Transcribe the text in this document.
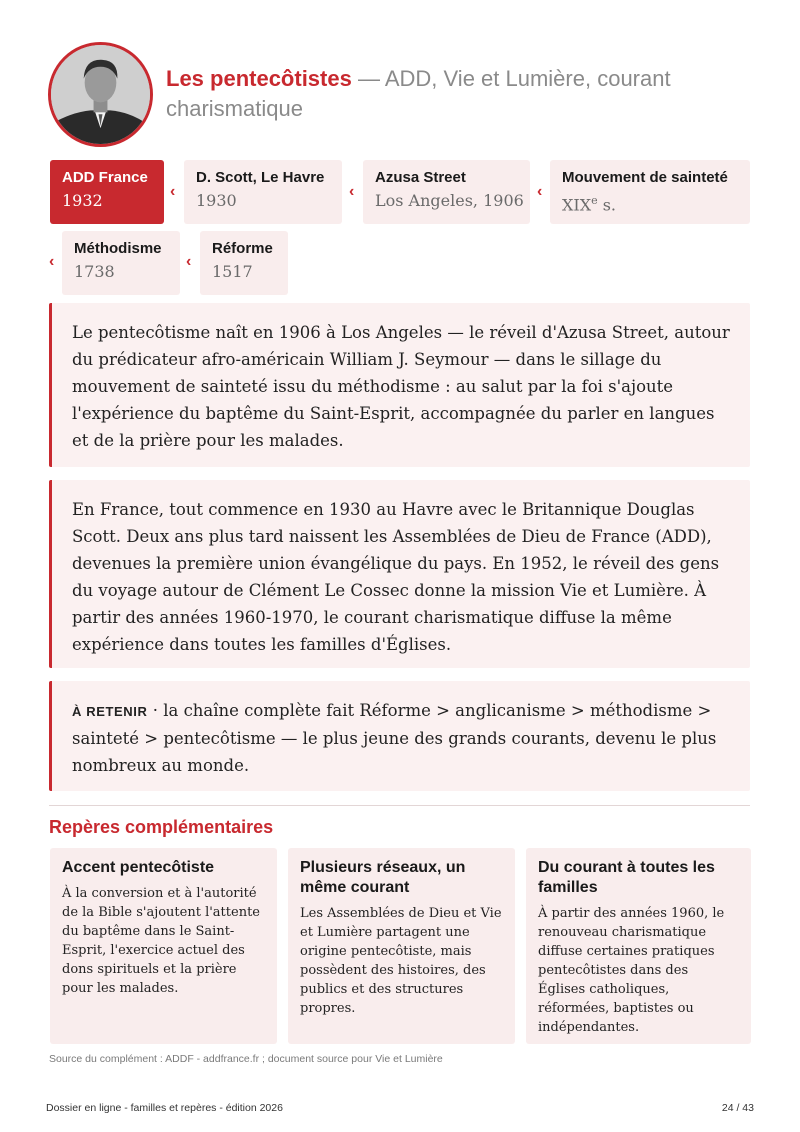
Les pentecôtistes — ADD, Vie et Lumière, courant charismatique
ADD France
1932	‹
D. Scott, Le Havre
1930	‹
Azusa Street
Los Angeles, 1906 ‹
Mouvement de sainteté
XIXe s.
‹
Méthodisme
1738
‹
Réforme
1517

Le pentecôtisme naît en 1906 à Los Angeles — le réveil d'Azusa Street, autour du prédicateur afro-américain William J. Seymour — dans le sillage du mouvement de sainteté issu du méthodisme : au salut par la foi s'ajoute l'expérience du baptême du Saint-Esprit, accompagnée du parler en langues et de la prière pour les malades.

En France, tout commence en 1930 au Havre avec le Britannique Douglas Scott. Deux ans plus tard naissent les Assemblées de Dieu de France (ADD), devenues la première union évangélique du pays. En 1952, le réveil des gens du voyage autour de Clément Le Cossec donne la mission Vie et Lumière. À partir des années 1960-1970, le courant charismatique diffuse la même expérience dans toutes les familles d'Églises.

À RETENIR · la chaîne complète fait Réforme > anglicanisme > méthodisme > sainteté > pentecôtisme — le plus jeune des grands courants, devenu le plus nombreux au monde.

Repères complémentaires
Accent pentecôtiste
À la conversion et à l'autorité de la Bible s'ajoutent l'attente du baptême dans le Saint-Esprit, l'exercice actuel des dons spirituels et la prière pour les malades.
Plusieurs réseaux, un même courant
Les Assemblées de Dieu et Vie et Lumière partagent une origine pentecôtiste, mais possèdent des histoires, des publics et des structures propres.
Du courant à toutes les familles
À partir des années 1960, le renouveau charismatique diffuse certaines pratiques pentecôtistes dans des Églises catholiques, réformées, baptistes ou indépendantes.
Source du complément : ADDF - addfrance.fr ; document source pour Vie et Lumière
Dossier en ligne - familles et repères - édition 2026	24 / 43
